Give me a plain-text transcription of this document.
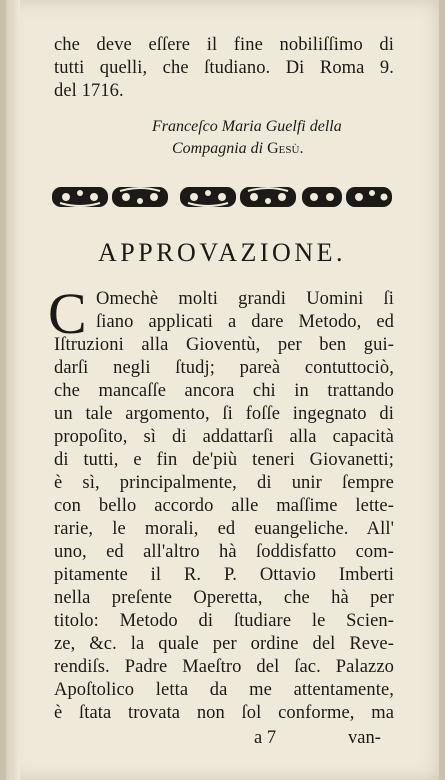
che deve eſſere il fine nobiliſſimo di
tutti quelli, che ſtudiano. Di Roma 9.
del 1716.
Franceſco Maria Guelfi della
Compagnia di Gesù.
APPROVAZIONE.
C Omechè molti grandi Uomini ſi
ſiano applicati a dare Metodo, ed
Iſtruzioni alla Gioventù, per ben gui-
darſi negli ſtudj; pareà contuttociò,
che mancaſſe ancora chi in trattando
un tale argomento, ſi foſſe ingegnato di
propoſito, sì di addattarſi alla capacità
di tutti, e fin de'più teneri Giovanetti;
è sì, principalmente, di unir ſempre
con bello accordo alle maſſime lette-
rarie, le morali, ed euangeliche. All'
uno, ed all'altro hà ſoddisfatto com-
pitamente il R. P. Ottavio Imberti
nella preſente Operetta, che hà per
titolo: Metodo di ſtudiare le Scien-
ze, &c. la quale per ordine del Reve-
rendiſs. Padre Maeſtro del ſac. Palazzo
Apoſtolico letta da me attentamente,
è ſtata trovata non ſol conforme, ma
a 7	van-
